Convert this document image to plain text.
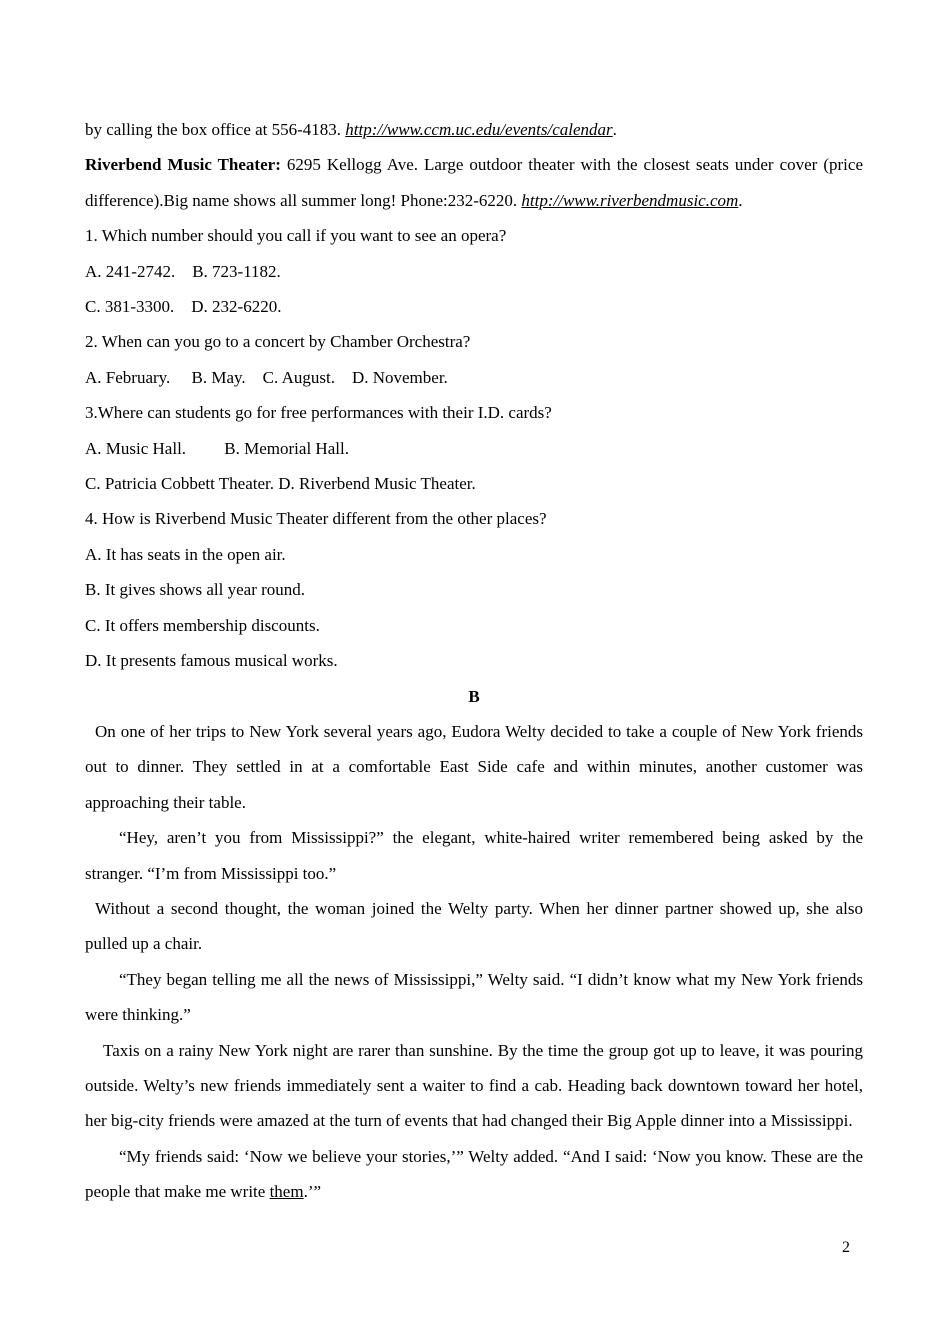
by calling the box office at 556-4183. http://www.ccm.uc.edu/events/calendar.

Riverbend Music Theater: 6295 Kellogg Ave. Large outdoor theater with the closest seats under cover (price difference).Big name shows all summer long! Phone:232-6220. http://www.riverbendmusic.com.

1. Which number should you call if you want to see an opera?

A. 241-2742.    B. 723-1182.

C. 381-3300.    D. 232-6220.

2. When can you go to a concert by Chamber Orchestra?

A. February.     B. May.    C. August.    D. November.

3.Where can students go for free performances with their I.D. cards?

A. Music Hall.         B. Memorial Hall.

C. Patricia Cobbett Theater. D. Riverbend Music Theater.

4. How is Riverbend Music Theater different from the other places?

A. It has seats in the open air.

B. It gives shows all year round.

C. It offers membership discounts.

D. It presents famous musical works.

B

On one of her trips to New York several years ago, Eudora Welty decided to take a couple of New York friends out to dinner. They settled in at a comfortable East Side cafe and within minutes, another customer was approaching their table.

“Hey, aren’t you from Mississippi?” the elegant, white-haired writer remembered being asked by the stranger. “I’m from Mississippi too.”

Without a second thought, the woman joined the Welty party. When her dinner partner showed up, she also pulled up a chair.

“They began telling me all the news of Mississippi,” Welty said. “I didn’t know what my New York friends were thinking.”

Taxis on a rainy New York night are rarer than sunshine. By the time the group got up to leave, it was pouring outside. Welty’s new friends immediately sent a waiter to find a cab. Heading back downtown toward her hotel, her big-city friends were amazed at the turn of events that had changed their Big Apple dinner into a Mississippi.

“My friends said: ‘Now we believe your stories,’” Welty added. “And I said: ‘Now you know. These are the people that make me write them.’”

2
